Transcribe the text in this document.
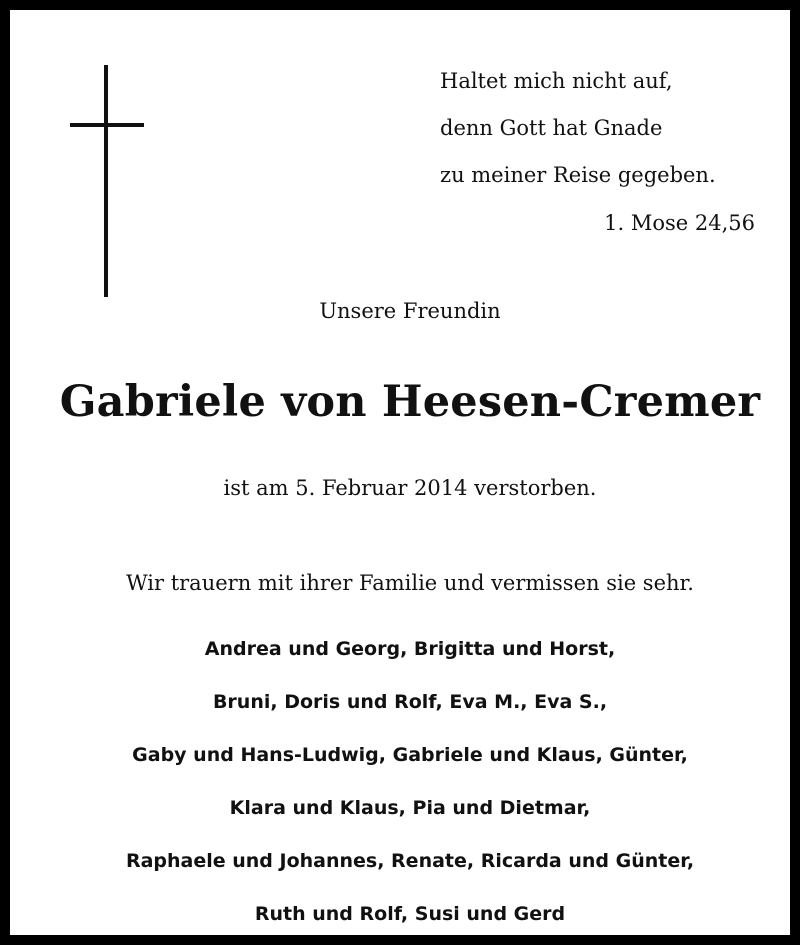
Haltet mich nicht auf,
denn Gott hat Gnade
zu meiner Reise gegeben.
1. Mose 24,56
Unsere Freundin
Gabriele von Heesen-Cremer
ist am 5. Februar 2014 verstorben.
Wir trauern mit ihrer Familie und vermissen sie sehr.
Andrea und Georg, Brigitta und Horst,
Bruni, Doris und Rolf, Eva M., Eva S.,
Gaby und Hans-Ludwig, Gabriele und Klaus, Günter,
Klara und Klaus, Pia und Dietmar,
Raphaele und Johannes, Renate, Ricarda und Günter,
Ruth und Rolf, Susi und Gerd
